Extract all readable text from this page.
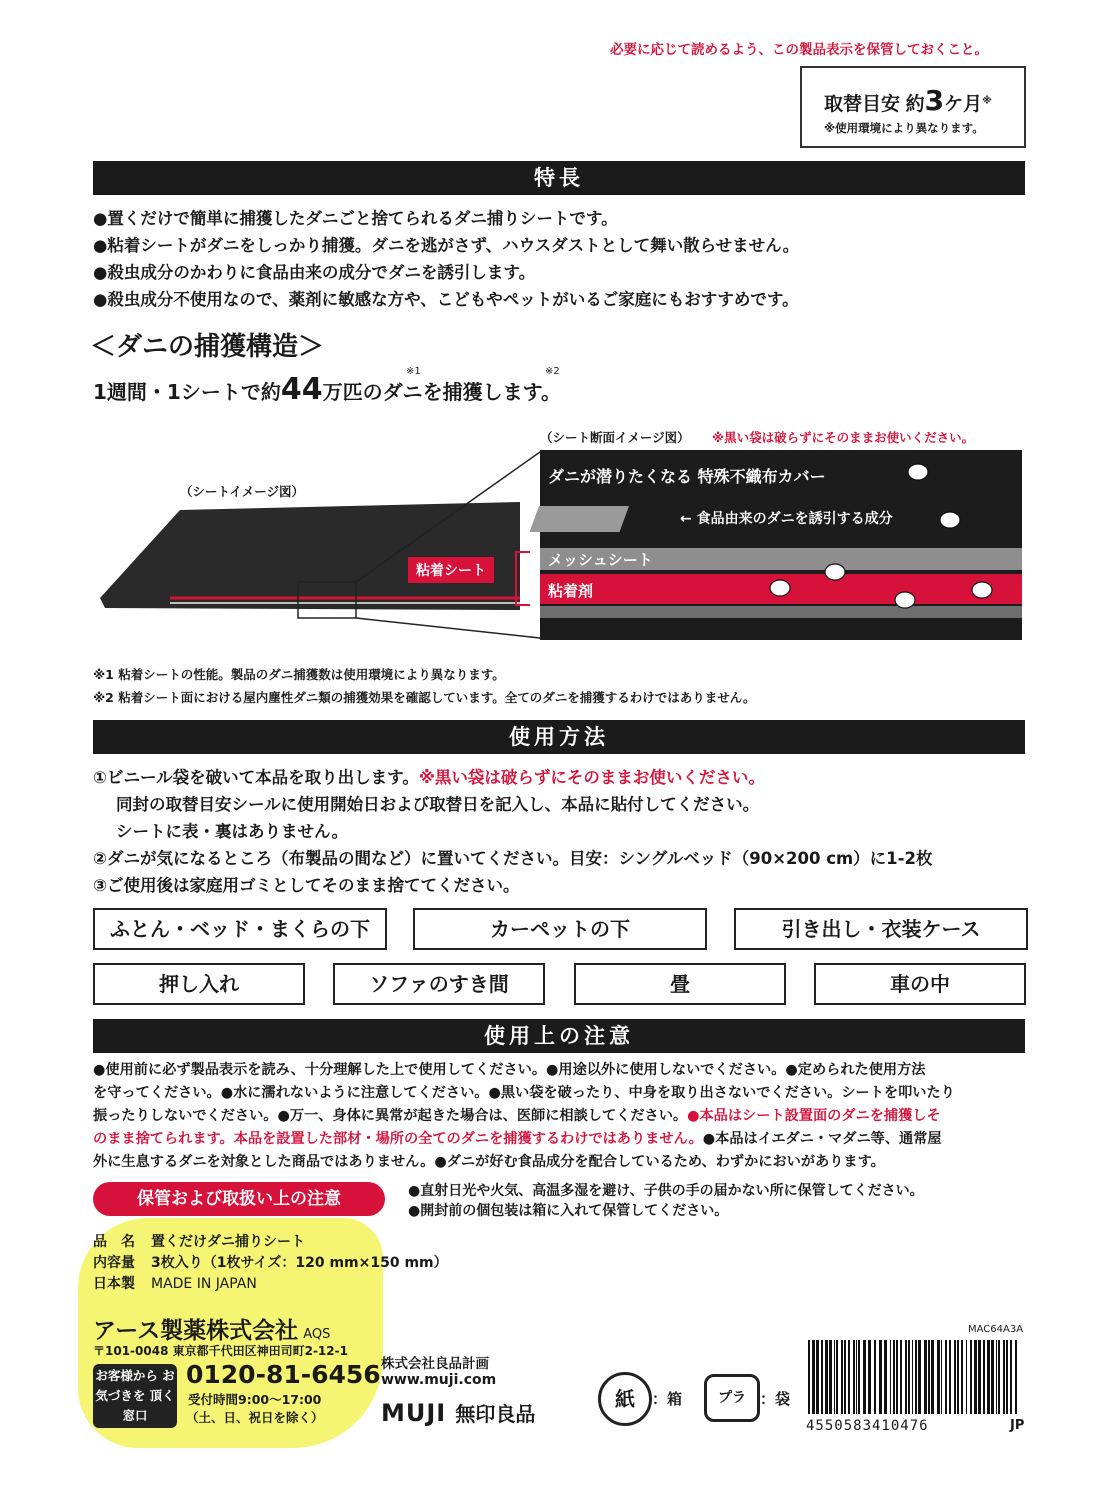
必要に応じて読めるよう、この製品表示を保管しておくこと。
取替目安 約3ケ月※
※使用環境により異なります。
特長
●置くだけで簡単に捕獲したダニごと捨てられるダニ捕りシートです。
●粘着シートがダニをしっかり捕獲。ダニを逃がさず、ハウスダストとして舞い散らせません。
●殺虫成分のかわりに食品由来の成分でダニを誘引します。
●殺虫成分不使用なので、薬剤に敏感な方や、こどもやペットがいるご家庭にもおすすめです。
＜ダニの捕獲構造＞
1週間・1シートで約44万匹のダニを捕獲します。
※1	※2
（シートイメージ図）
（シート断面イメージ図） ※黒い袋は破らずにそのままお使いください。
ダニが潜りたくなる 特殊不織布カバー
← 食品由来のダニを誘引する成分
メッシュシート
粘着剤
粘着シート
※1 粘着シートの性能。製品のダニ捕獲数は使用環境により異なります。
※2 粘着シート面における屋内塵性ダニ類の捕獲効果を確認しています。全てのダニを捕獲するわけではありません。
使用方法
①ビニール袋を破いて本品を取り出します。※黒い袋は破らずにそのままお使いください。
同封の取替目安シールに使用開始日および取替日を記入し、本品に貼付してください。
シートに表・裏はありません。
②ダニが気になるところ（布製品の間など）に置いてください。目安：シングルベッド（90×200 cm）に1-2枚
③ご使用後は家庭用ゴミとしてそのまま捨ててください。
ふとん・ベッド・まくらの下	カーペットの下	引き出し・衣装ケース
押し入れ	ソファのすき間	畳	車の中
使用上の注意
●使用前に必ず製品表示を読み、十分理解した上で使用してください。●用途以外に使用しないでください。●定められた使用方法
を守ってください。●水に濡れないように注意してください。●黒い袋を破ったり、中身を取り出さないでください。シートを叩いたり
振ったりしないでください。●万一、身体に異常が起きた場合は、医師に相談してください。●本品はシート設置面のダニを捕獲しそ
のまま捨てられます。本品を設置した部材・場所の全てのダニを捕獲するわけではありません。●本品はイエダニ・マダニ等、通常屋
外に生息するダニを対象とした商品ではありません。●ダニが好む食品成分を配合しているため、わずかにおいがあります。
保管および取扱い上の注意	●直射日光や火気、高温多湿を避け、子供の手の届かない所に保管してください。
●開封前の個包装は箱に入れて保管してください。
品　名 置くだけダニ捕りシート
内容量 3枚入り（1枚サイズ：120 mm×150 mm）
日本製 MADE IN JAPAN
アース製薬株式会社 AQS
〒101-0048 東京都千代田区神田司町2-12-1
お客様から お気づきを 頂く窓口
0120-81-6456
受付時間9:00～17:00
（土、日、祝日を除く）
株式会社良品計画
www.muji.com
MUJI 無印良品
紙	：箱	プラ ：袋
MAC64A3A
4550583410476	JP
